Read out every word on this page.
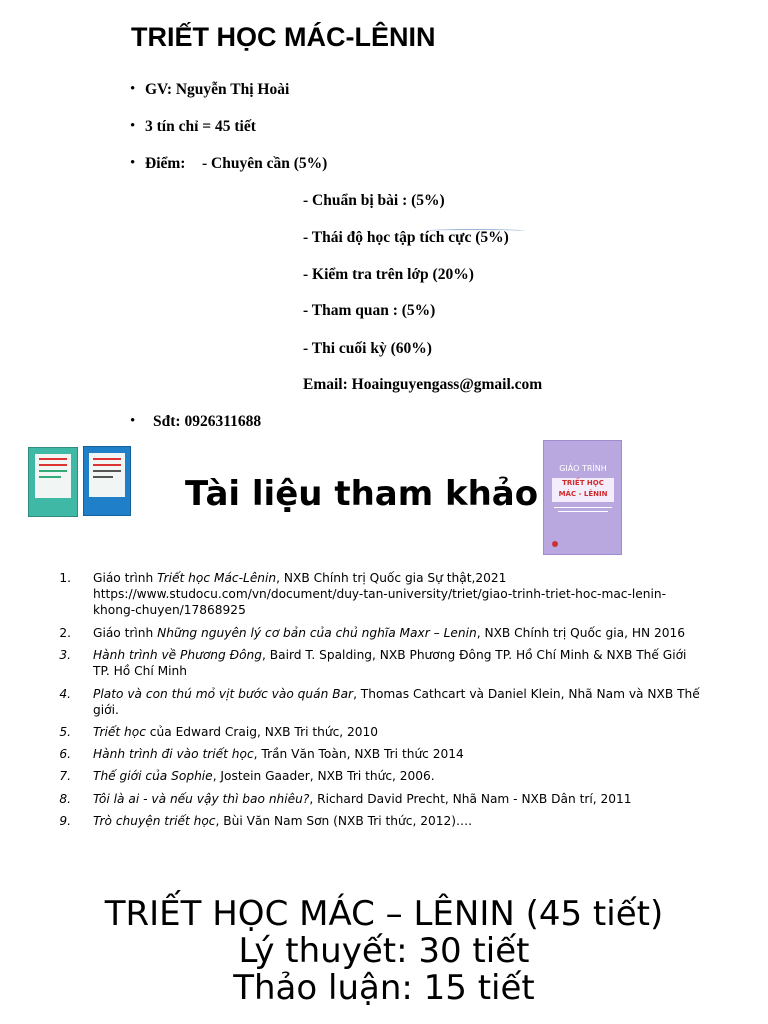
TRIẾT HỌC MÁC-LÊNIN
• GV: Nguyễn Thị Hoài
• 3 tín chỉ = 45 tiết
• Điểm: - Chuyên cần (5%)
- Chuẩn bị bài : (5%)
- Thái độ học tập tích cực (5%)
- Kiểm tra trên lớp (20%)
- Tham quan : (5%)
- Thi cuối kỳ (60%)
Email: Hoainguyengass@gmail.com
• Sđt: 0926311688
Tài liệu tham khảo
GIÁO TRÌNH
TRIẾT HỌC
MÁC - LÊNIN
1. Giáo trình Triết học Mác-Lênin, NXB Chính trị Quốc gia Sự thật,2021 https://www.studocu.com/vn/document/duy-tan-university/triet/giao-trinh-triet-hoc-mac-lenin-khong-chuyen/17868925
2. Giáo trình Những nguyên lý cơ bản của chủ nghĩa Maxr – Lenin, NXB Chính trị Quốc gia, HN 2016
3. Hành trình về Phương Đông, Baird T. Spalding, NXB Phương Đông TP. Hồ Chí Minh & NXB Thế Giới TP. Hồ Chí Minh
4. Plato và con thú mỏ vịt bước vào quán Bar, Thomas Cathcart và Daniel Klein, Nhã Nam và NXB Thế giới.
5. Triết học của Edward Craig, NXB Tri thức, 2010
6. Hành trình đi vào triết học, Trần Văn Toàn, NXB Tri thức 2014
7. Thế giới của Sophie, Jostein Gaader, NXB Tri thức, 2006.
8. Tôi là ai - và nếu vậy thì bao nhiêu?, Richard David Precht, Nhã Nam - NXB Dân trí, 2011
9. Trò chuyện triết học, Bùi Văn Nam Sơn (NXB Tri thức, 2012)….
TRIẾT HỌC MÁC – LÊNIN (45 tiết)
Lý thuyết: 30 tiết
Thảo luận: 15 tiết
